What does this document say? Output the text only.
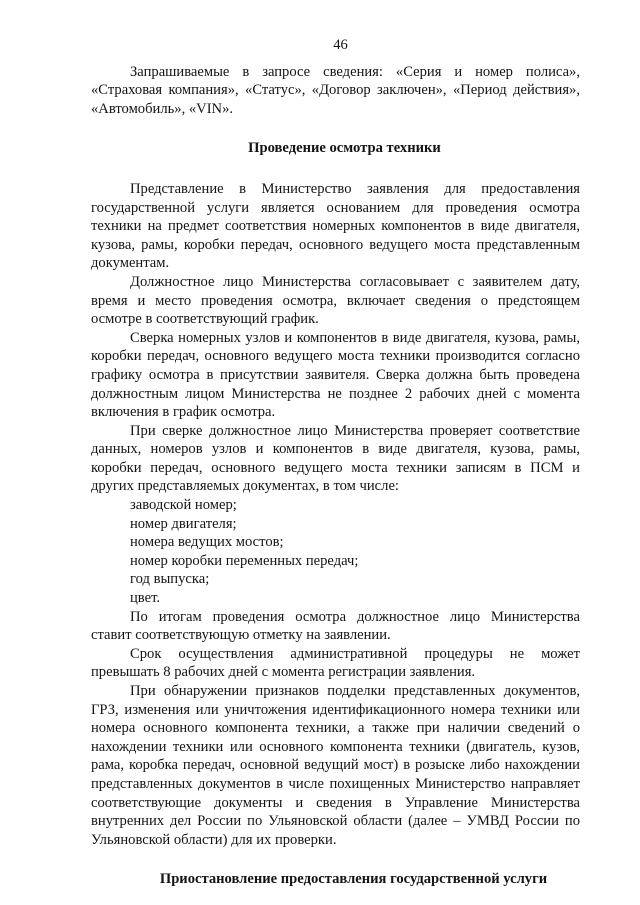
46

Запрашиваемые в запросе сведения: «Серия и номер полиса», «Страховая компания», «Статус», «Договор заключен», «Период действия», «Автомобиль», «VIN».

Проведение осмотра техники

Представление в Министерство заявления для предоставления государственной услуги является основанием для проведения осмотра техники на предмет соответствия номерных компонентов в виде двигателя, кузова, рамы, коробки передач, основного ведущего моста представленным документам.

Должностное лицо Министерства согласовывает с заявителем дату, время и место проведения осмотра, включает сведения о предстоящем осмотре в соответствующий график.

Сверка номерных узлов и компонентов в виде двигателя, кузова, рамы, коробки передач, основного ведущего моста техники производится согласно графику осмотра в присутствии заявителя. Сверка должна быть проведена должностным лицом Министерства не позднее 2 рабочих дней с момента включения в график осмотра.

При сверке должностное лицо Министерства проверяет соответствие данных, номеров узлов и компонентов в виде двигателя, кузова, рамы, коробки передач, основного ведущего моста техники записям в ПСМ и других представляемых документах, в том числе:

заводской номер;
номер двигателя;
номера ведущих мостов;
номер коробки переменных передач;
год выпуска;
цвет.

По итогам проведения осмотра должностное лицо Министерства ставит соответствующую отметку на заявлении.

Срок осуществления административной процедуры не может превышать 8 рабочих дней с момента регистрации заявления.

При обнаружении признаков подделки представленных документов, ГРЗ, изменения или уничтожения идентификационного номера техники или номера основного компонента техники, а также при наличии сведений о нахождении техники или основного компонента техники (двигатель, кузов, рама, коробка передач, основной ведущий мост) в розыске либо нахождении представленных документов в числе похищенных Министерство направляет соответствующие документы и сведения в Управление Министерства внутренних дел России по Ульяновской области (далее – УМВД России по Ульяновской области) для их проверки.

Приостановление предоставления государственной услуги
